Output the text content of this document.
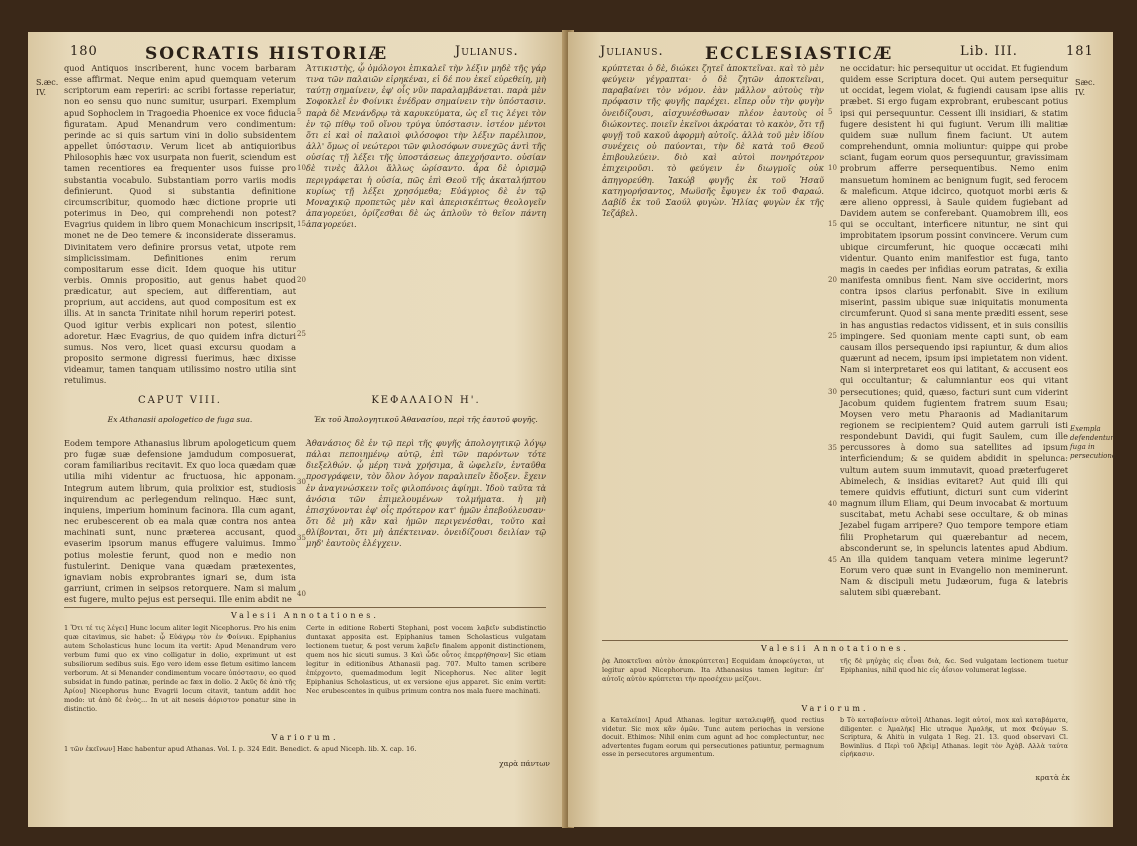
180	SOCRATIS HISTORIÆ	Julianus.
S.æc. IV.

quod Antiquos inscriberent, hunc vocem barbaram esse affirmat. Neque enim apud quemquam veterum scriptorum eam reperiri: ac scribi fortasse reperiatur, non eo sensu quo nunc sumitur, usurpari. Exemplum apud Sophoclem in Tragoedia Phoenice ex voce fiducia figuratam. Apud Menandrum vero condimentum: perinde ac si quis sartum vini in dolio subsidentem appellet ὑπόστασιν. Verum licet ab antiquioribus Philosophis hæc vox usurpata non fuerit, sciendum est tamen recentiores ea frequenter usos fuisse pro substantia vocabulo. Substantiam porro variis modis definierunt. Quod si substantia definitione circumscribitur, quomodo hæc dictione proprie uti poterimus in Deo, qui comprehendi non potest? Evagrius quidem in libro quem Monachicum inscripsit, monet ne de Deo temere & inconsiderate disseramus. Divinitatem vero definire prorsus vetat, utpote rem simplicissimam. Definitiones enim rerum compositarum esse dicit. Idem quoque his utitur verbis. Omnis propositio, aut genus habet quod prædicatur, aut speciem, aut differentiam, aut proprium, aut accidens, aut quod compositum est ex illis. At in sancta Trinitate nihil horum reperiri potest. Quod igitur verbis explicari non potest, silentio adoretur. Hæc Evagrius, de quo quidem infra dicturi sumus. Nos vero, licet quasi excursu quodam a proposito sermone digressi fuerimus, hæc dixisse videamur, tamen tanquam utilissimo nostro utilia sint retulimus.

Ἀττικιστὴς, ᾧ ὁμόλογοι ἐπικαλεῖ τὴν λέξιν μηδὲ τῆς γάρ τινα τῶν παλαιῶν εἰρηκέναι, εἰ δέ που ἐκεῖ εὑρεθείη, μὴ ταύτῃ σημαίνειν, ἐφ' οἷς νῦν παραλαμβάνεται. παρὰ μὲν Σοφοκλεῖ ἐν Φοίνικι ἐνέδραν σημαίνειν τὴν ὑπόστασιν. παρὰ δὲ Μενάνδρῳ τὰ καρυκεύματα, ὡς εἴ τις λέγει τὸν ἐν τῷ πίθῳ τοῦ οἴνου τρύγα ὑπόστασιν. ἰστέον μέντοι ὅτι εἰ καὶ οἱ παλαιοὶ φιλόσοφοι τὴν λέξιν παρέλιπον, ἀλλ' ὅμως οἱ νεώτεροι τῶν φιλοσόφων συνεχῶς ἀντὶ τῆς οὐσίας τῇ λέξει τῆς ὑποστάσεως ἀπεχρήσαντο. οὐσίαν δὲ τινὲς ἄλλοι ἄλλως ὡρίσαντο. ἆρα δὲ ὁρισμῷ περιγράφεται ἡ οὐσία, πῶς ἐπὶ Θεοῦ τῆς ἀκαταλήπτου κυρίως τῇ λέξει χρησόμεθα; Εὐάγριος δὲ ἐν τῷ Μοναχικῷ προπετῶς μὲν καὶ ἀπερισκέπτως θεολογεῖν ἀπαγορεύει, ὁρίζεσθαι δὲ ὡς ἁπλοῦν τὸ θεῖον πάντη ἀπαγορεύει.

5
10
15
20
25
30
35
40
CAPUT VIII.
Ex Athanasii apologetico de fuga sua.
ΚΕΦΑΛΑΙΟΝ Η'.
Ἐκ τοῦ Ἀπολογητικοῦ Ἀθανασίου, περὶ τῆς ἑαυτοῦ φυγῆς.

Eodem tempore Athanasius librum apologeticum quem pro fugæ suæ defensione jamdudum composuerat, coram familiaribus recitavit. Ex quo loca quædam quæ utilia mihi videntur ac fructuosa, hic apponam. Integrum autem librum, quia prolixior est, studiosis inquirendum ac perlegendum relinquo. Hæc sunt, inquiens, imperium hominum facinora. Illa cum agant, nec erubescerent ob ea mala quæ contra nos antea machinati sunt, nunc præterea accusant, quod evaserim ipsorum manus effugere valuimus. Immo potius molestie ferunt, quod non e medio non fustulerint. Denique vana quædam prætexentes, ignaviam nobis exprobrantes ignari se, dum ista garriunt, crimen in seipsos retorquere. Nam si malum est fugere, multo pejus est persequi. Ille enim abdit ne

Ἀθανάσιος δὲ ἐν τῷ περὶ τῆς φυγῆς ἀπολογητικῷ λόγῳ πάλαι πεποιημένῳ αὐτῷ, ἐπὶ τῶν παρόντων τότε διεξελθών. ᾧ μέρη τινὰ χρήσιμα, ἃ ὠφελεῖν, ἐνταῦθα προσγράφειν, τὸν ὅλον λόγον παραλιπεῖν ἔδοξεν. ἔχειν ἐν ἀναγινώσκειν τοῖς φιλοπόνοις ἀφίημι. Ἰδοὺ ταῦτα τὰ ἀνόσια τῶν ἐπιμελουμένων τολμήματα. ἡ μὴ ἐπισχύνονται ἐφ' οἷς πρότερον κατ' ἡμῶν ἐπεβούλευσαν· ὅτι δὲ μὴ κἂν καὶ ἡμῶν περιγενέσθαι, τοῦτο καὶ θλίβονται, ὅτι μὴ ἀπέκτειναν. ὀνειδίζουσι δειλίαν τῷ μηδ' ἑαυτοὺς ἐλέγχειν.

Valesii Annotationes.

1 Ὅτι τέ τις λέγει] Hunc locum aliter legit Nicephorus. Pro his enim quæ citavimus, sic habet: ᾧ Εὐάγρῳ τὸν ἐν Φοίνικι. Epiphanius autem Scholasticus hunc locum ita vertit: Apud Menandrum vero verbum fumi quo ex vino colligatur in dolio, exprimunt ut est subsiliorum sedibus suis. Ego vero idem esse fletum esitimo lancem verborum. At si Menander condimentum vocare ὑπόστασιν, eo quod subsidat in fundo patinæ, perinde ac fæx in dolio. 2 Ἀκῦς δὲ ἀπὸ τῆς Ἀρίου] Nicephorus hunc Evagrii locum citavit, tantum addit hoc modo: ut ἀπὸ δὲ ἑνὸς... In ut ait neseis ἀόριστον ponatur sine in distinctio.

Certe in editione Roberti Stephani, post vocem λαβεῖν subdistinctio duntaxat apposita est. Epiphanius tamen Scholasticus vulgatam lectionem tuetur, & post verum λαβεῖν finalem apponit distinctionem, quem nos hic sicuti sumus. 3 Καὶ ὧδε οὗτος ἐπερρήθησαν] Sic etiam legitur in editionibus Athanasii pag. 707. Multo tamen scribere ἐπέρχοντο, quemadmodum legit Nicephorus. Nec aliter legit Epiphanius Scholasticus, ut ex versione ejus apparet. Sic enim vertit: Nec erubescentes in quibus primum contra nos mala fuere machinati.

Variorum.

1 τῶν ἐκεῖνων] Hæc habentur apud Athanas. Vol. I. p. 324 Edit. Benedict. & apud Niceph. lib. X. cap. 16.

χαρὰ πάντων
Julianus. ECCLESIASTICÆ	Lib. III.	181
Sæc. IV.
Exempla defendentur fuga in persecutione.

κρύπτεται ὁ δὲ, διώκει ζητεῖ ἀποκτεῖναι. καὶ τὸ μὲν φεύγειν γέγραπται· ὁ δὲ ζητῶν ἀποκτεῖναι, παραβαίνει τὸν νόμον. ἐὰν μᾶλλον αὐτοὺς τὴν πρόφασιν τῆς φυγῆς παρέχει. εἴπερ οὖν τὴν φυγὴν ὀνειδίζουσι, αἰσχυνέσθωσαν πλέον ἑαυτοὺς οἱ διώκοντες. ποιεῖν ἐκεῖνοι ἀκρόαται τὸ κακὸν, ὅτι τῇ φυγῇ τοῦ κακοῦ ἀφορμὴ αὐτοῖς. ἀλλὰ τοῦ μὲν ἰδίου συνέχεις οὐ παύονται, τὴν δὲ κατὰ τοῦ Θεοῦ ἐπιβουλεύειν. διὸ καὶ αὐτοὶ πονηρότερον ἐπιχειροῦσι. τὸ φεύγειν ἐν διωγμοῖς οὐκ ἀπηγορεύθη. Ἰακώβ φυγῆς ἐκ τοῦ Ἡσαῦ κατηγορήσαντος, Μωϋσῆς ἔφυγεν ἐκ τοῦ Φαραώ. Δαβίδ ἐκ τοῦ Σαούλ φυγὼν. Ἠλίας φυγὼν ἐκ τῆς Ἰεζάβελ.

ne occidatur: hic persequitur ut occidat. Et fugiendum quidem esse Scriptura docet. Qui autem persequitur ut occidat, legem violat, & fugiendi causam ipse aliis præbet. Si ergo fugam exprobrant, erubescant potius ipsi qui persequuntur. Cessent illi insidiari, & statim fugere desistent hi qui fugiunt. Verum illi malitiæ quidem suæ nullum finem faciunt. Ut autem comprehendunt, omnia moliuntur: quippe qui probe sciant, fugam eorum quos persequuntur, gravissimam probrum afferre persequentibus. Nemo enim mansuetum hominem ac benignum fugit, sed ferocem & maleficum. Atque idcirco, quotquot morbi æris & ære alieno oppressi, à Saule quidem fugiebant ad Davidem autem se conferebant. Quamobrem illi, eos qui se occultant, interficere nituntur, ne sint qui improbitatem ipsorum possint convincere. Verum cum ubique circumferunt, hic quoque occæcati mihi videntur. Quanto enim manifestior est fuga, tanto magis in caedes per infidias eorum patratas, & exilia manifesta omnibus fient. Nam sive occiderint, mors contra ipsos clarius perfonabit. Sive in exilium miserint, passim ubique suæ iniquitatis monumenta circumferunt. Quod si sana mente præditi essent, sese in has angustias redactos vidissent, et in suis consiliis impingere. Sed quoniam mente capti sunt, ob eam causam illos persequendo ipsi rapiuntur, & dum alios quærunt ad necem, ipsum ipsi impietatem non vident. Nam si interpretaret eos qui latitant, & accusent eos qui occultantur; & calumniantur eos qui vitant persecutiones; quid, quæso, facturi sunt cum viderint Jacobum quidem fugientem fratrem suum Esau; Moysen vero metu Pharaonis ad Madianitarum regionem se recipientem? Quid autem garruli isti respondebunt Davidi, qui fugit Saulem, cum ille percussores à domo sua satellites ad ipsum interficiendum; & se quidem abdidit in spelunca: vultum autem suum immutavit, quoad præterfugeret Abimelech, & insidias evitaret? Aut quid illi qui temere quidvis effutiunt, dicturi sunt cum viderint magnum illum Eliam, qui Deum invocabat & mortuum suscitabat, metu Achabi sese occultare, & ob minas Jezabel fugam arripere? Quo tempore tempore etiam filii Prophetarum qui quærebantur ad necem, absconderunt se, in speluncis latentes apud Abdium. An illa quidem tanquam vetera minime legerunt? Eorum vero quæ sunt in Evangelio non meminerunt. Nam & discipuli metu Judæorum, fuga & latebris salutem sibi quærebant.

5
10
15
20
25
30
35
40
45
Valesii Annotationes.

ῥᾳ Ἀποκτεῖναι αὐτὸν ἀποκρύπτεται] Ecquidam ἀποφεύγεται, ut legitur apud Nicephorum. Ita Athanasius tamen legitur: ἐπ' αὐτοῖς αὐτὸν κρύπτεται τὴν προσέχειν μείζονι.

τῆς δὲ μηὐχὰς εἰς εἶναι διὰ, &c. Sed vulgatam lectionem tuetur Epiphanius, nihil quod hic εἰς ἀΐσιον volumerat legisse.

Variorum.

a Καταλείποι] Apud Athanas. legitur καταλειφθῇ, quod rectius videtur. Sic mox κἂν ὁμῶν. Tunc autem periochas in versione docuit. Ethimos: Nihil enim cum agunt ad hoc complectuntur, nec advertentes fugam eorum qui persecutiones patiuntur, permagnum esse in persecutores argumentum.

b Τὸ καταβαίνειν αὐτοὶ] Athanas. legit αὐτοί, mox καὶ καταβάματα, diligenter. c Ἀμαλὴκ] Hic utraque Ἀμαλὴκ, ut mox Φεύγων S. Scriptura, & Ahitù in vulgata 1 Reg. 21. 13. quod observavi Cl. Bowinlius. d Περὶ τοῦ Ἀβεὶμ] Athanas. legit τὸν Ἀχὰβ. Αλλὰ ταύτα εἰρήκασιν.

κρατὰ ἐκ
